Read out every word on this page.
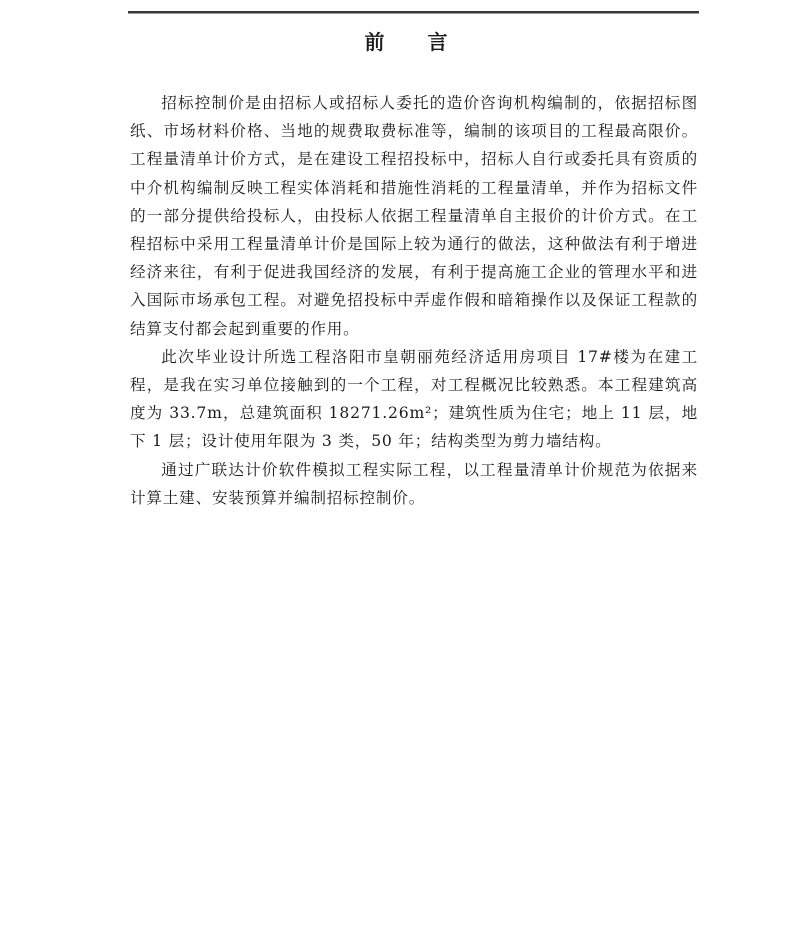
前 言

招标控制价是由招标人或招标人委托的造价咨询机构编制的，依据招标图纸、市场材料价格、当地的规费取费标准等，编制的该项目的工程最高限价。工程量清单计价方式，是在建设工程招投标中，招标人自行或委托具有资质的中介机构编制反映工程实体消耗和措施性消耗的工程量清单，并作为招标文件的一部分提供给投标人，由投标人依据工程量清单自主报价的计价方式。在工程招标中采用工程量清单计价是国际上较为通行的做法，这种做法有利于增进经济来往，有利于促进我国经济的发展，有利于提高施工企业的管理水平和进入国际市场承包工程。对避免招投标中弄虚作假和暗箱操作以及保证工程款的结算支付都会起到重要的作用。

此次毕业设计所选工程洛阳市皇朝丽苑经济适用房项目 17#楼为在建工程，是我在实习单位接触到的一个工程，对工程概况比较熟悉。本工程建筑高度为 33.7m，总建筑面积 18271.26m²；建筑性质为住宅；地上 11 层，地下 1 层；设计使用年限为 3 类，50 年；结构类型为剪力墙结构。

通过广联达计价软件模拟工程实际工程，以工程量清单计价规范为依据来计算土建、安装预算并编制招标控制价。
